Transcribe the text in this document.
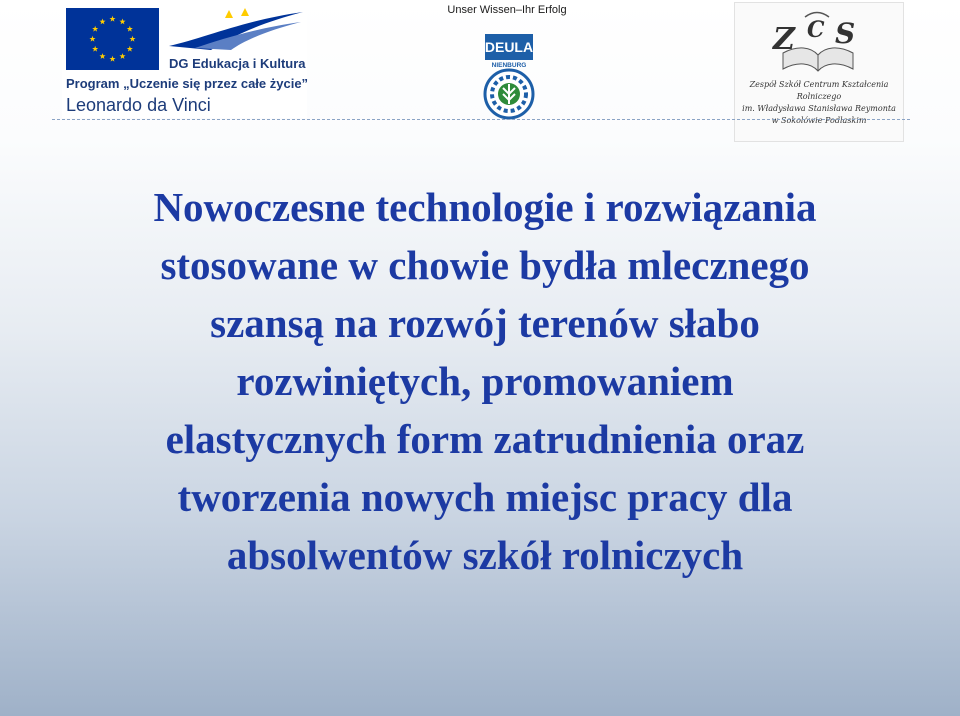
DG Edukacja i Kultura
Program „Uczenie się przez całe życie”
Leonardo da Vinci
Unser Wissen–Ihr Erfolg
DEULA
NIENBURG
Z S
C
Zespół Szkół Centrum Kształcenia Rolniczego
im. Władysława Stanisława Reymonta
w Sokolówie Podlaskim
Nowoczesne technologie i rozwiązania
stosowane w chowie bydła mlecznego
szansą na rozwój terenów słabo
rozwiniętych, promowaniem
elastycznych form zatrudnienia oraz
tworzenia nowych miejsc pracy dla
absolwentów szkół rolniczych
